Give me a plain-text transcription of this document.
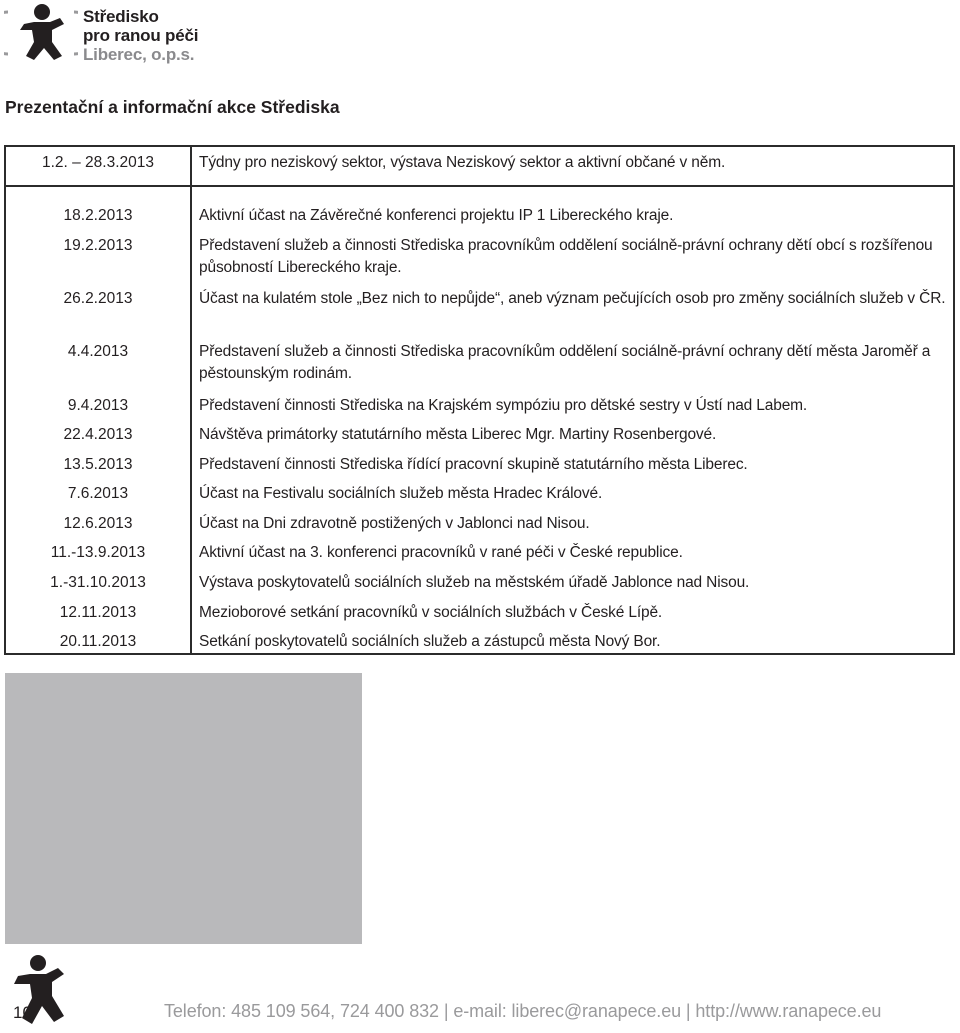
Středisko
pro ranou péči
Liberec, o.p.s.
Prezentační a informační akce Střediska
1.2. – 28.3.2013	Týdny pro neziskový sektor, výstava Neziskový sektor a aktivní občané v něm.
18.2.2013	Aktivní účast na Závěrečné konferenci projektu IP 1 Libereckého kraje.
19.2.2013	Představení služeb a činnosti Střediska pracovníkům oddělení sociálně-právní ochrany dětí obcí s rozšířenou působností Libereckého kraje.
26.2.2013	Účast na kulatém stole „Bez nich to nepůjde“, aneb význam pečujících osob pro změny sociálních služeb v ČR.
4.4.2013	Představení služeb a činnosti Střediska pracovníkům oddělení sociálně-právní ochrany dětí města Jaroměř a pěstounským rodinám.
9.4.2013	Představení činnosti Střediska na Krajském sympóziu pro dětské sestry v Ústí nad Labem.
22.4.2013	Návštěva primátorky statutárního města Liberec Mgr. Martiny Rosenbergové.
13.5.2013	Představení činnosti Střediska řídící pracovní skupině statutárního města Liberec.
7.6.2013	Účast na Festivalu sociálních služeb města Hradec Králové.
12.6.2013	Účast na Dni zdravotně postižených v Jablonci nad Nisou.
11.-13.9.2013	Aktivní účast na 3. konferenci pracovníků v rané péči v České republice.
1.-31.10.2013	Výstava poskytovatelů sociálních služeb na městském úřadě Jablonce nad Nisou.
12.11.2013	Mezioborové setkání pracovníků v sociálních službách v České Lípě.
20.11.2013	Setkání poskytovatelů sociálních služeb a zástupců města Nový Bor.
10	Telefon: 485 109 564, 724 400 832 | e-mail: liberec@ranapece.eu | http://www.ranapece.eu
